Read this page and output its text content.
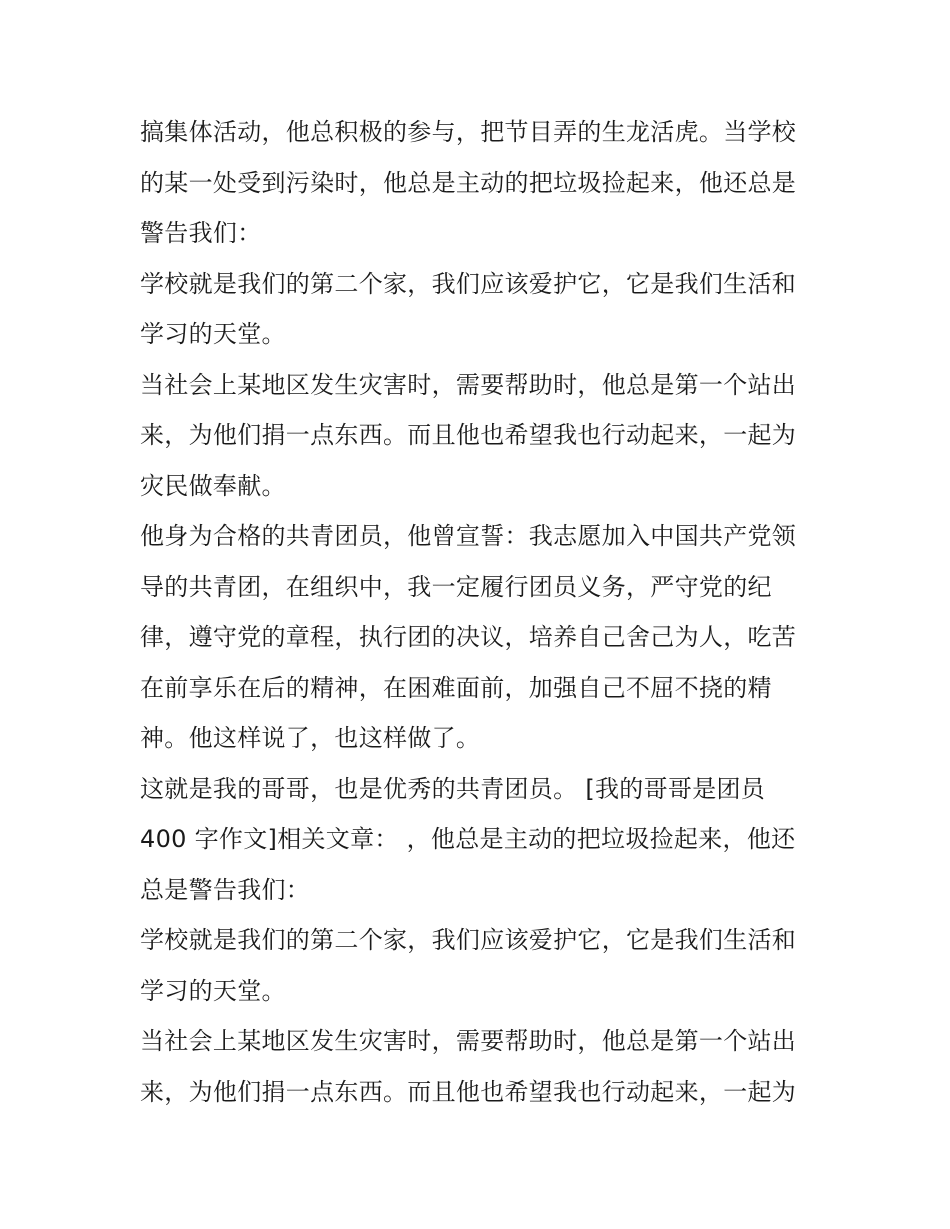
搞集体活动，他总积极的参与，把节目弄的生龙活虎。当学校
的某一处受到污染时，他总是主动的把垃圾捡起来，他还总是
警告我们：
学校就是我们的第二个家，我们应该爱护它，它是我们生活和
学习的天堂。
当社会上某地区发生灾害时，需要帮助时，他总是第一个站出
来，为他们捐一点东西。而且他也希望我也行动起来，一起为
灾民做奉献。
他身为合格的共青团员，他曾宣誓：我志愿加入中国共产党领
导的共青团，在组织中，我一定履行团员义务，严守党的纪
律，遵守党的章程，执行团的决议，培养自己舍己为人，吃苦
在前享乐在后的精神，在困难面前，加强自己不屈不挠的精
神。他这样说了，也这样做了。
这就是我的哥哥，也是优秀的共青团员。 [我的哥哥是团员
400 字作文]相关文章： ，他总是主动的把垃圾捡起来，他还
总是警告我们：
学校就是我们的第二个家，我们应该爱护它，它是我们生活和
学习的天堂。
当社会上某地区发生灾害时，需要帮助时，他总是第一个站出
来，为他们捐一点东西。而且他也希望我也行动起来，一起为
